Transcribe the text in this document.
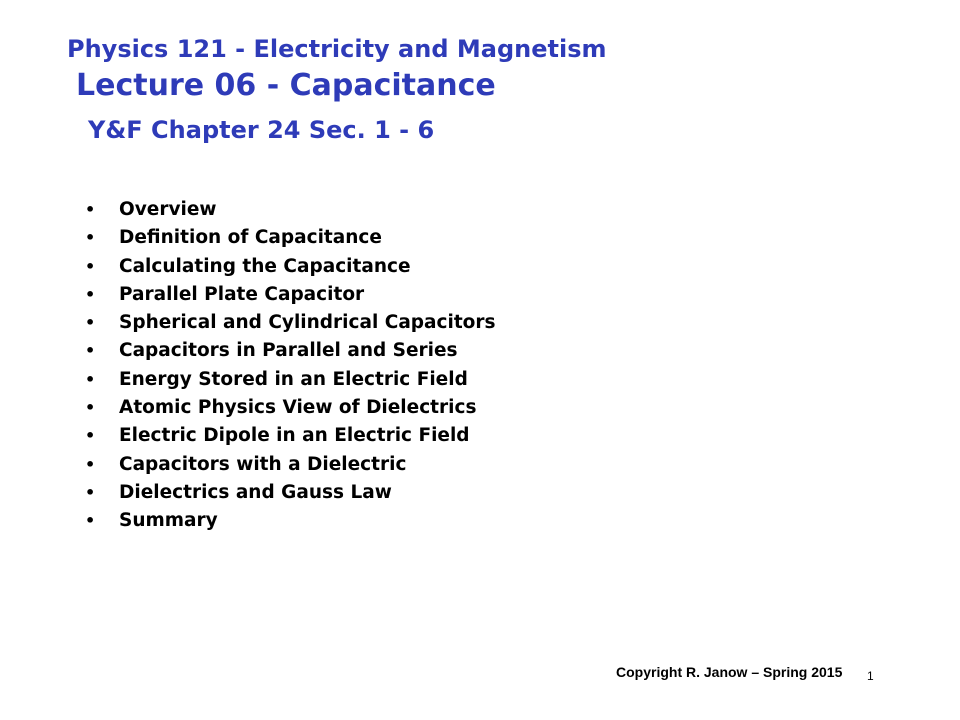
Physics 121 - Electricity and Magnetism
Lecture 06 - Capacitance
Y&F Chapter 24 Sec. 1 - 6
• Overview
• Definition of Capacitance
• Calculating the Capacitance
• Parallel Plate Capacitor
• Spherical and Cylindrical Capacitors
• Capacitors in Parallel and Series
• Energy Stored in an Electric Field
• Atomic Physics View of Dielectrics
• Electric Dipole in an Electric Field
• Capacitors with a Dielectric
• Dielectrics and Gauss Law
• Summary
Copyright R. Janow – Spring 2015 1
